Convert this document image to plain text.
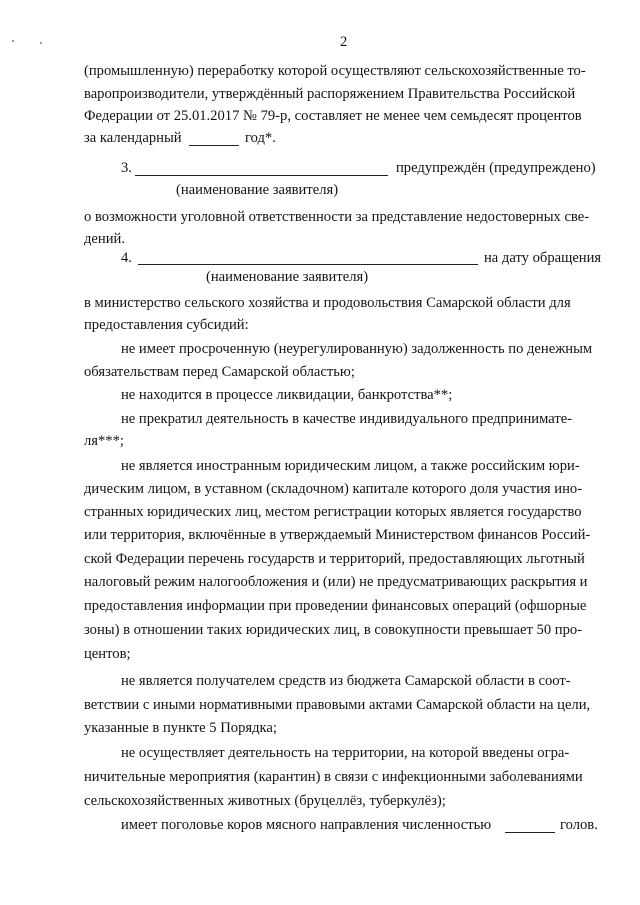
2
(промышленную) переработку которой осуществляют сельскохозяйственные то-
варопроизводители, утверждённый распоряжением Правительства Российской
Федерации от 25.01.2017 № 79-р, составляет не менее чем семьдесят процентов
за календарный	год*.
3.	предупреждён (предупреждено)
(наименование заявителя)
о возможности уголовной ответственности за представление недостоверных све-
дений.
4.	на дату обращения
(наименование заявителя)
в министерство сельского хозяйства и продовольствия Самарской области для
предоставления субсидий:
не имеет просроченную (неурегулированную) задолженность по денежным
обязательствам перед Самарской областью;
не находится в процессе ликвидации, банкротства**;
не прекратил деятельность в качестве индивидуального предпринимате-
ля***;
не является иностранным юридическим лицом, а также российским юри-
дическим лицом, в уставном (складочном) капитале которого доля участия ино-
странных юридических лиц, местом регистрации которых является государство
или территория, включённые в утверждаемый Министерством финансов Россий-
ской Федерации перечень государств и территорий, предоставляющих льготный
налоговый режим налогообложения и (или) не предусматривающих раскрытия и
предоставления информации при проведении финансовых операций (офшорные
зоны) в отношении таких юридических лиц, в совокупности превышает 50 про-
центов;
не является получателем средств из бюджета Самарской области в соот-
ветствии с иными нормативными правовыми актами Самарской области на цели,
указанные в пункте 5 Порядка;
не осуществляет деятельность на территории, на которой введены огра-
ничительные мероприятия (карантин) в связи с инфекционными заболеваниями
сельскохозяйственных животных (бруцеллёз, туберкулёз);
имеет поголовье коров мясного направления численностью	голов.
